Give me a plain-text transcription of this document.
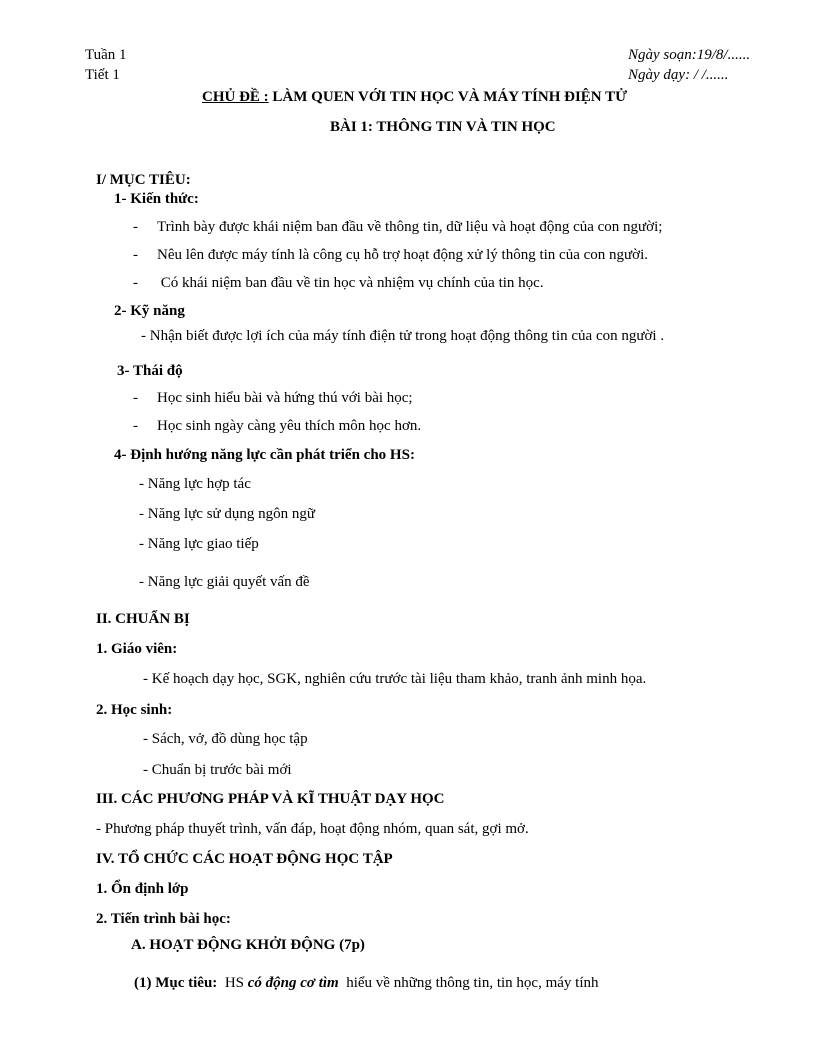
Tuần 1
Tiết 1
Ngày soạn:19/8/......
Ngày dạy: / /......
CHỦ ĐỀ : LÀM QUEN VỚI TIN HỌC VÀ MÁY TÍNH ĐIỆN TỬ
BÀI 1: THÔNG TIN VÀ TIN HỌC
I/ MỤC TIÊU:
1- Kiến thức:
- Trình bày được khái niệm ban đầu về thông tin, dữ liệu và hoạt động của con người;
- Nêu lên được máy tính là công cụ hỗ trợ hoạt động xử lý thông tin của con người.
- Có khái niệm ban đầu về tin học và nhiệm vụ chính của tin học.
2- Kỹ năng
- Nhận biết được lợi ích của máy tính điện tử trong hoạt động thông tin của con người .
3- Thái độ
- Học sinh hiểu bài và hứng thú với bài học;
- Học sinh ngày càng yêu thích môn học hơn.
4- Định hướng năng lực cần phát triển cho HS:
- Năng lực hợp tác
- Năng lực sử dụng ngôn ngữ
- Năng lực giao tiếp
- Năng lực giải quyết vấn đề
II. CHUẨN BỊ
1. Giáo viên:
- Kế hoạch dạy học, SGK, nghiên cứu trước tài liệu tham khảo, tranh ảnh minh họa.
2. Học sinh:
- Sách, vở, đồ dùng học tập
- Chuẩn bị trước bài mới
III. CÁC PHƯƠNG PHÁP VÀ KĨ THUẬT DẠY HỌC
- Phương pháp thuyết trình, vấn đáp, hoạt động nhóm, quan sát, gợi mở.
IV. TỔ CHỨC CÁC HOẠT ĐỘNG HỌC TẬP
1. Ổn định lớp
2. Tiến trình bài học:
A. HOẠT ĐỘNG KHỞI ĐỘNG (7p)

(1) Mục tiêu:  HS có động cơ tìm  hiểu về những thông tin, tin học, máy tính
